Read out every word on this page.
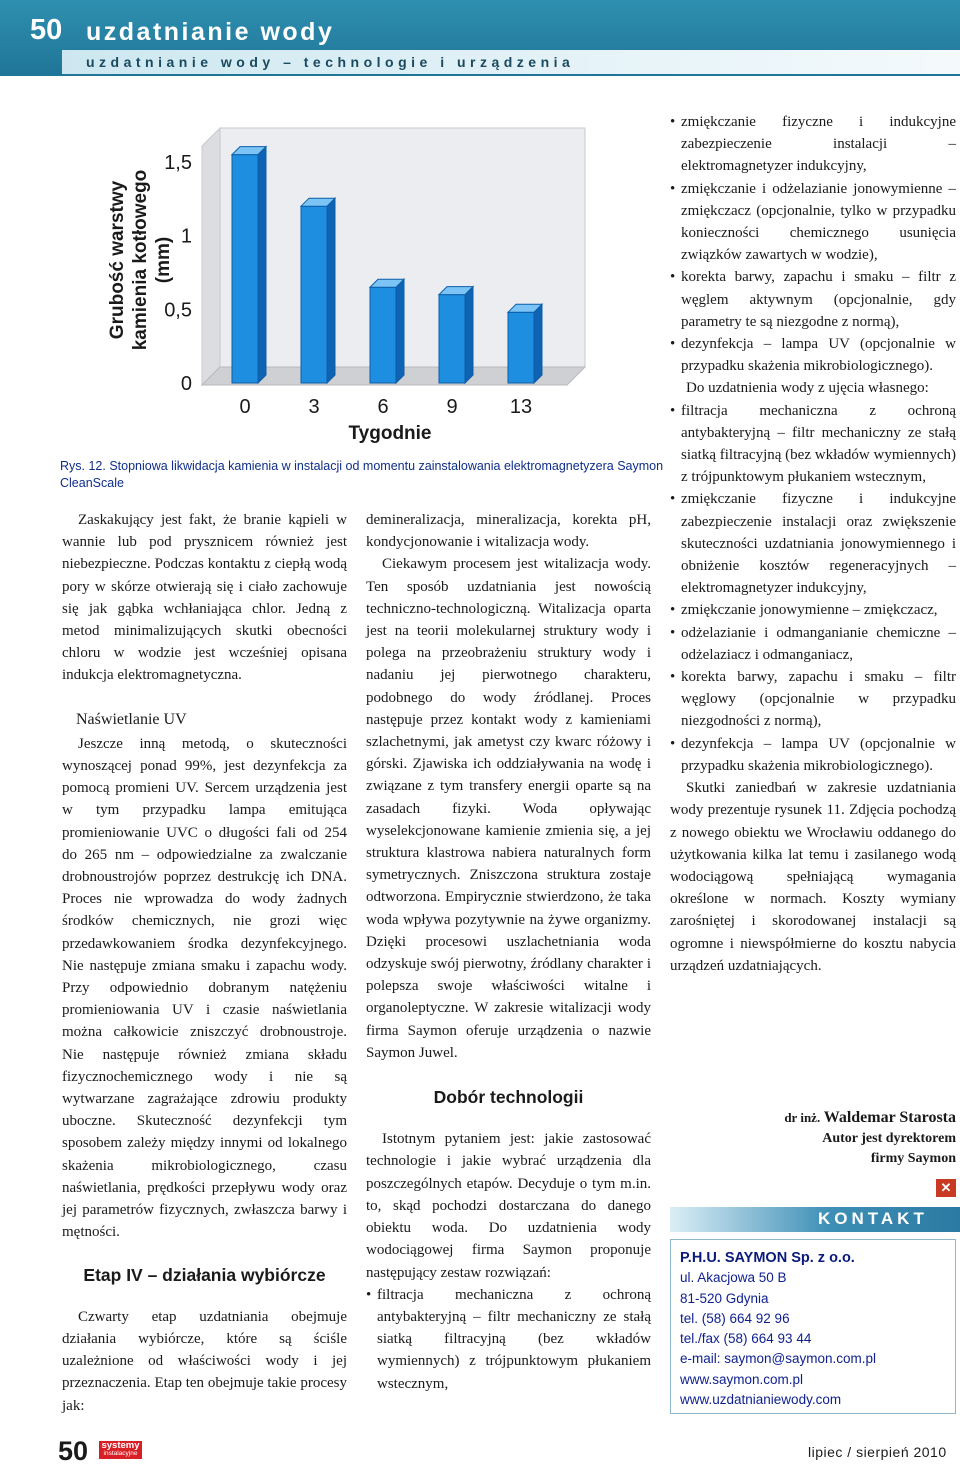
50 uzdatnianie wody
uzdatnianie wody – technologie i urządzenia
Grubość warstwy kamienia kotłowego (mm)
0
0,5
1
1,5
0	3	6	9	13
Tygodnie
Rys. 12. Stopniowa likwidacja kamienia w instalacji od momentu zainstalowania elektromagnetyzera Saymon CleanScale

Zaskakujący jest fakt, że branie kąpieli w wannie lub pod prysznicem również jest niebezpieczne. Podczas kontaktu z ciepłą wodą pory w skórze otwierają się i ciało zachowuje się jak gąbka wchłaniająca chlor. Jedną z metod minimalizujących skutki obecności chloru w wodzie jest wcześniej opisana indukcja elektromagnetyczna.

Naświetlanie UV

Jeszcze inną metodą, o skuteczności wynoszącej ponad 99%, jest dezynfekcja za pomocą promieni UV. Sercem urządzenia jest w tym przypadku lampa emitująca promieniowanie UVC o długości fali od 254 do 265 nm – odpowiedzialne za zwalczanie drobnoustrojów poprzez destrukcję ich DNA. Proces nie wprowadza do wody żadnych środków chemicznych, nie grozi więc przedawkowaniem środka dezynfekcyjnego. Nie następuje zmiana smaku i zapachu wody. Przy odpowiednio dobranym natężeniu promieniowania UV i czasie naświetlania można całkowicie zniszczyć drobnoustroje. Nie następuje również zmiana składu fizycznochemicznego wody i nie są wytwarzane zagrażające zdrowiu produkty uboczne. Skuteczność dezynfekcji tym sposobem zależy między innymi od lokalnego skażenia mikrobiologicznego, czasu naświetlania, prędkości przepływu wody oraz jej parametrów fizycznych, zwłaszcza barwy i mętności.

Etap IV – działania wybiórcze

Czwarty etap uzdatniania obejmuje działania wybiórcze, które są ściśle uzależnione od właściwości wody i jej przeznaczenia. Etap ten obejmuje takie procesy jak:

demineralizacja, mineralizacja, korekta pH, kondycjonowanie i witalizacja wody.

Ciekawym procesem jest witalizacja wody. Ten sposób uzdatniania jest nowością techniczno-technologiczną. Witalizacja oparta jest na teorii molekularnej struktury wody i polega na przeobrażeniu struktury wody i nadaniu jej pierwotnego charakteru, podobnego do wody źródlanej. Proces następuje przez kontakt wody z kamieniami szlachetnymi, jak ametyst czy kwarc różowy i górski. Zjawiska ich oddziaływania na wodę i związane z tym transfery energii oparte są na zasadach fizyki. Woda opływając wyselekcjonowane kamienie zmienia się, a jej struktura klastrowa nabiera naturalnych form symetrycznych. Zniszczona struktura zostaje odtworzona. Empirycznie stwierdzono, że taka woda wpływa pozytywnie na żywe organizmy. Dzięki procesowi uszlachetniania woda odzyskuje swój pierwotny, źródlany charakter i polepsza swoje właściwości witalne i organoleptyczne. W zakresie witalizacji wody firma Saymon oferuje urządzenia o nazwie Saymon Juwel.

Dobór technologii

Istotnym pytaniem jest: jakie zastosować technologie i jakie wybrać urządzenia dla poszczególnych etapów. Decyduje o tym m.in. to, skąd pochodzi dostarczana do danego obiektu woda. Do uzdatnienia wody wodociągowej firma Saymon proponuje następujący zestaw rozwiązań:

• filtracja mechaniczna z ochroną antybakteryjną – filtr mechaniczny ze stałą siatką filtracyjną (bez wkładów wymiennych) z trójpunktowym płukaniem wstecznym,
• zmiękczanie fizyczne i indukcyjne zabezpieczenie instalacji – elektromagnetyzer indukcyjny,
• zmiękczanie i odżelazianie jonowymienne – zmiękczacz (opcjonalnie, tylko w przypadku konieczności chemicznego usunięcia związków zawartych w wodzie),
• korekta barwy, zapachu i smaku – filtr z węglem aktywnym (opcjonalnie, gdy parametry te są niezgodne z normą),
• dezynfekcja – lampa UV (opcjonalnie w przypadku skażenia mikrobiologicznego).

Do uzdatnienia wody z ujęcia własnego:

• filtracja mechaniczna z ochroną antybakteryjną – filtr mechaniczny ze stałą siatką filtracyjną (bez wkładów wymiennych) z trójpunktowym płukaniem wstecznym,
• zmiękczanie fizyczne i indukcyjne zabezpieczenie instalacji oraz zwiększenie skuteczności uzdatniania jonowymiennego i obniżenie kosztów regeneracyjnych – elektromagnetyzer indukcyjny,
• zmiękczanie jonowymienne – zmiękczacz,
• odżelazianie i odmanganianie chemiczne – odżelaziacz i odmanganiacz,
• korekta barwy, zapachu i smaku – filtr węglowy (opcjonalnie w przypadku niezgodności z normą),
• dezynfekcja – lampa UV (opcjonalnie w przypadku skażenia mikrobiologicznego).

Skutki zaniedbań w zakresie uzdatniania wody prezentuje rysunek 11. Zdjęcia pochodzą z nowego obiektu we Wrocławiu oddanego do użytkowania kilka lat temu i zasilanego wodą wodociągową spełniającą wymagania określone w normach. Koszty wymiany zarośniętej i skorodowanej instalacji są ogromne i niewspółmierne do kosztu nabycia urządzeń uzdatniających.

dr inż. Waldemar Starosta
Autor jest dyrektorem
firmy Saymon
✕
KONTAKT
P.H.U. SAYMON Sp. z o.o.
ul. Akacjowa 50 B
81-520 Gdynia
tel. (58) 664 92 96
tel./fax (58) 664 93 44
e-mail: saymon@saymon.com.pl
www.saymon.com.pl
www.uzdatnianiewody.com
50 systemy
instalacyjne	lipiec / sierpień 2010
